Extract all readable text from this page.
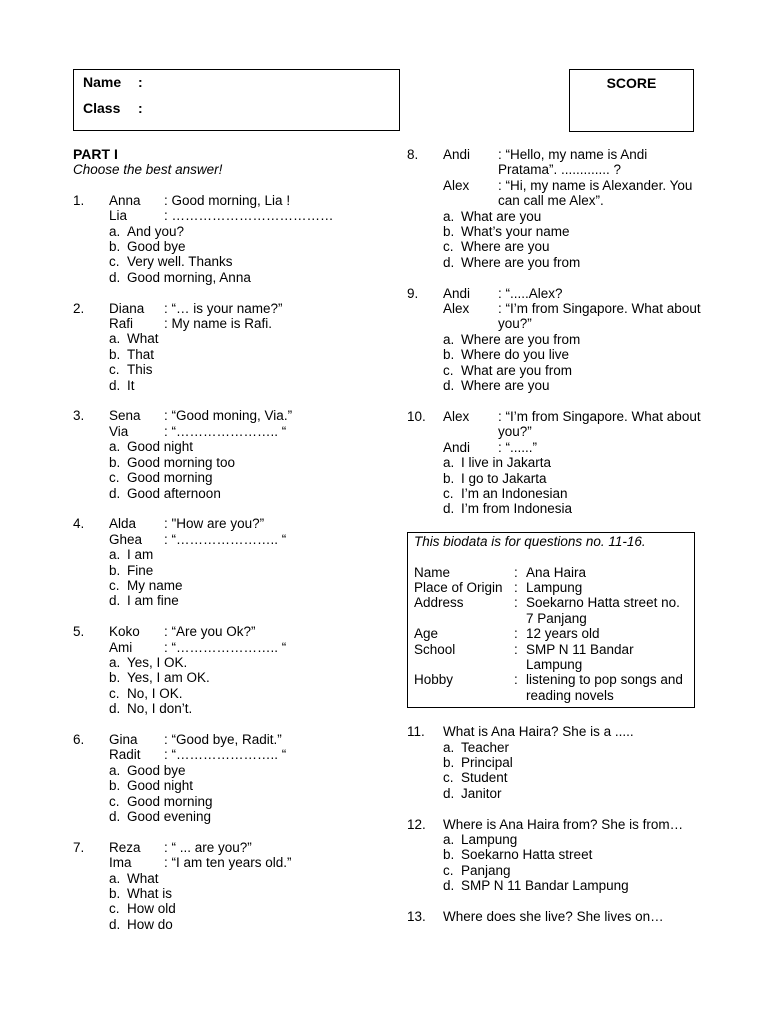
Name :
Class :
SCORE
PART I
Choose the best answer!
1. Anna	: Good morning, Lia !
Lia	: ………………………………
a. And you?
b. Good bye
c. Very well. Thanks
d. Good morning, Anna
2. Diana	: “… is your name?”
Rafi	: My name is Rafi.
a. What
b. That
c. This
d. It
3. Sena	: “Good moning, Via.”
Via	: “………………….. “
a. Good night
b. Good morning too
c. Good morning
d. Good afternoon
4. Alda	: "How are you?”
Ghea	: “………………….. “
a. I am
b. Fine
c. My name
d. I am fine
5. Koko	: “Are you Ok?”
Ami	: “………………….. “
a. Yes, I OK.
b. Yes, I am OK.
c. No, I OK.
d. No, I don’t.
6. Gina	: “Good bye, Radit.”
Radit	: “………………….. “
a. Good bye
b. Good night
c. Good morning
d. Good evening
7. Reza	: “ ... are you?”
Ima	: “I am ten years old.”
a. What
b. What is
c. How old
d. How do
8. Andi	: “Hello, my name is Andi Pratama”. ............. ?
Alex	: “Hi, my name is Alexander. You can call me Alex”.
a. What are you
b. What’s your name
c. Where are you
d. Where are you from
9. Andi	: “.....Alex?
Alex	: “I’m from Singapore. What about you?”
a. Where are you from
b. Where do you live
c. What are you from
d. Where are you
10. Alex	: “I’m from Singapore. What about you?”
Andi	: “......”
a. I live in Jakarta
b. I go to Jakarta
c. I’m an Indonesian
d. I’m from Indonesia
This biodata is for questions no. 11-16.
Name	: Ana Haira
Place of Origin : Lampung
Address	: Soekarno Hatta street no. 7 Panjang
Age	: 12 years old
School	: SMP N 11 Bandar Lampung
Hobby	: listening to pop songs and reading novels
11. What is Ana Haira? She is a .....
a. Teacher
b. Principal
c. Student
d. Janitor
12. Where is Ana Haira from? She is from…
a. Lampung
b. Soekarno Hatta street
c. Panjang
d. SMP N 11 Bandar Lampung
13. Where does she live? She lives on…
